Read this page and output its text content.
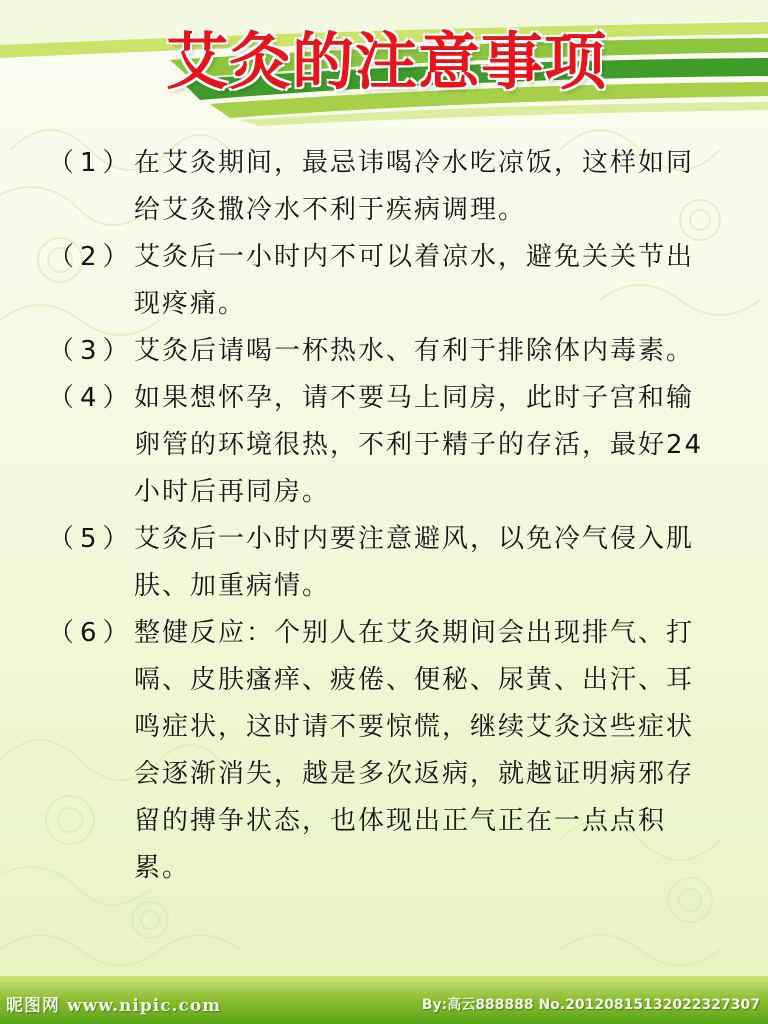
艾灸的注意事项
（1） 在艾灸期间，最忌讳喝冷水吃凉饭，这样如同给艾灸撒冷水不利于疾病调理。
（2） 艾灸后一小时内不可以着凉水，避免关关节出现疼痛。
（3） 艾灸后请喝一杯热水、有利于排除体内毒素。
（4） 如果想怀孕，请不要马上同房，此时子宫和输卵管的环境很热，不利于精子的存活，最好24小时后再同房。
（5） 艾灸后一小时内要注意避风，以免冷气侵入肌肤、加重病情。
（6） 整健反应：个别人在艾灸期间会出现排气、打嗝、皮肤瘙痒、疲倦、便秘、尿黄、出汗、耳鸣症状，这时请不要惊慌，继续艾灸这些症状会逐渐消失，越是多次返病，就越证明病邪存留的搏争状态，也体现出正气正在一点点积累。
昵图网 www.nipic.com	By:高云888888 No.20120815132022327307
